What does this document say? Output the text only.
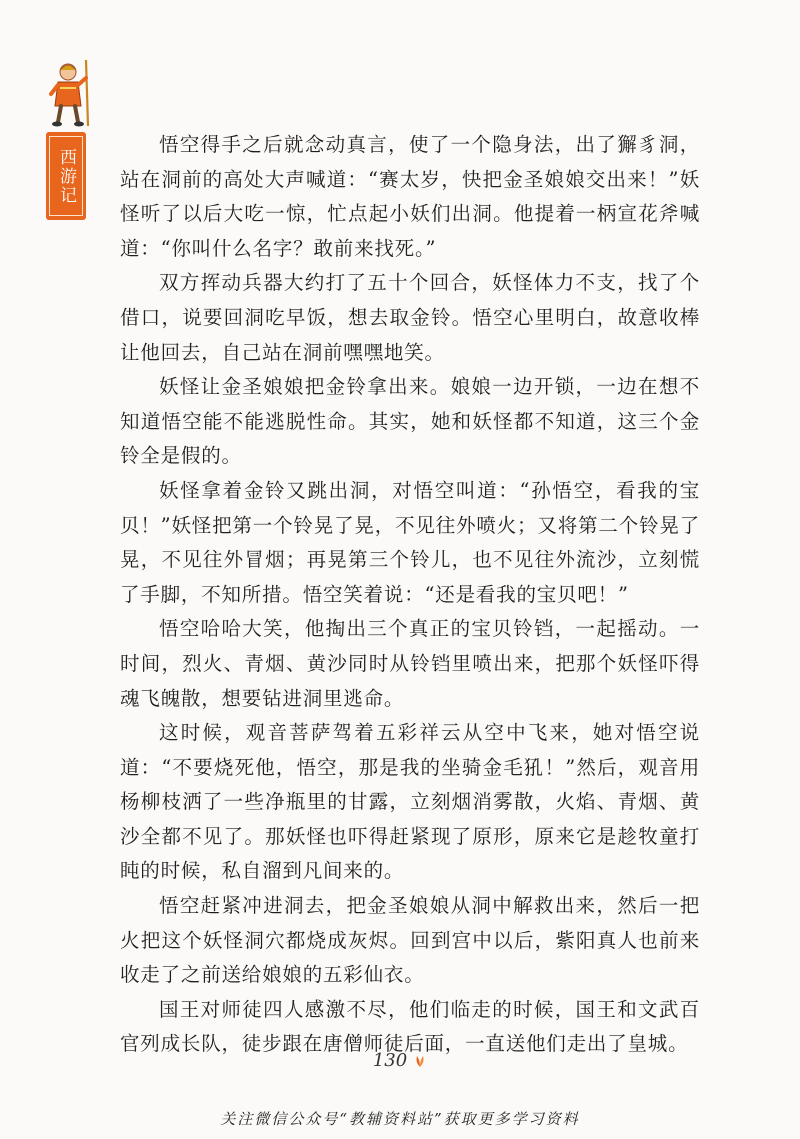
西游记

悟空得手之后就念动真言，使了一个隐身法，出了獬豸洞，站在洞前的高处大声喊道：“赛太岁，快把金圣娘娘交出来！”妖怪听了以后大吃一惊，忙点起小妖们出洞。他提着一柄宣花斧喊道：“你叫什么名字？敢前来找死。”

双方挥动兵器大约打了五十个回合，妖怪体力不支，找了个借口，说要回洞吃早饭，想去取金铃。悟空心里明白，故意收棒让他回去，自己站在洞前嘿嘿地笑。

妖怪让金圣娘娘把金铃拿出来。娘娘一边开锁，一边在想不知道悟空能不能逃脱性命。其实，她和妖怪都不知道，这三个金铃全是假的。

妖怪拿着金铃又跳出洞，对悟空叫道：“孙悟空，看我的宝贝！”妖怪把第一个铃晃了晃，不见往外喷火；又将第二个铃晃了晃，不见往外冒烟；再晃第三个铃儿，也不见往外流沙，立刻慌了手脚，不知所措。悟空笑着说：“还是看我的宝贝吧！”

悟空哈哈大笑，他掏出三个真正的宝贝铃铛，一起摇动。一时间，烈火、青烟、黄沙同时从铃铛里喷出来，把那个妖怪吓得魂飞魄散，想要钻进洞里逃命。

这时候，观音菩萨驾着五彩祥云从空中飞来，她对悟空说道：“不要烧死他，悟空，那是我的坐骑金毛犼！”然后，观音用杨柳枝洒了一些净瓶里的甘露，立刻烟消雾散，火焰、青烟、黄沙全都不见了。那妖怪也吓得赶紧现了原形，原来它是趁牧童打盹的时候，私自溜到凡间来的。

悟空赶紧冲进洞去，把金圣娘娘从洞中解救出来，然后一把火把这个妖怪洞穴都烧成灰烬。回到宫中以后，紫阳真人也前来收走了之前送给娘娘的五彩仙衣。

国王对师徒四人感激不尽，他们临走的时候，国王和文武百官列成长队，徒步跟在唐僧师徒后面，一直送他们走出了皇城。

130
关注微信公众号“教辅资料站”获取更多学习资料
